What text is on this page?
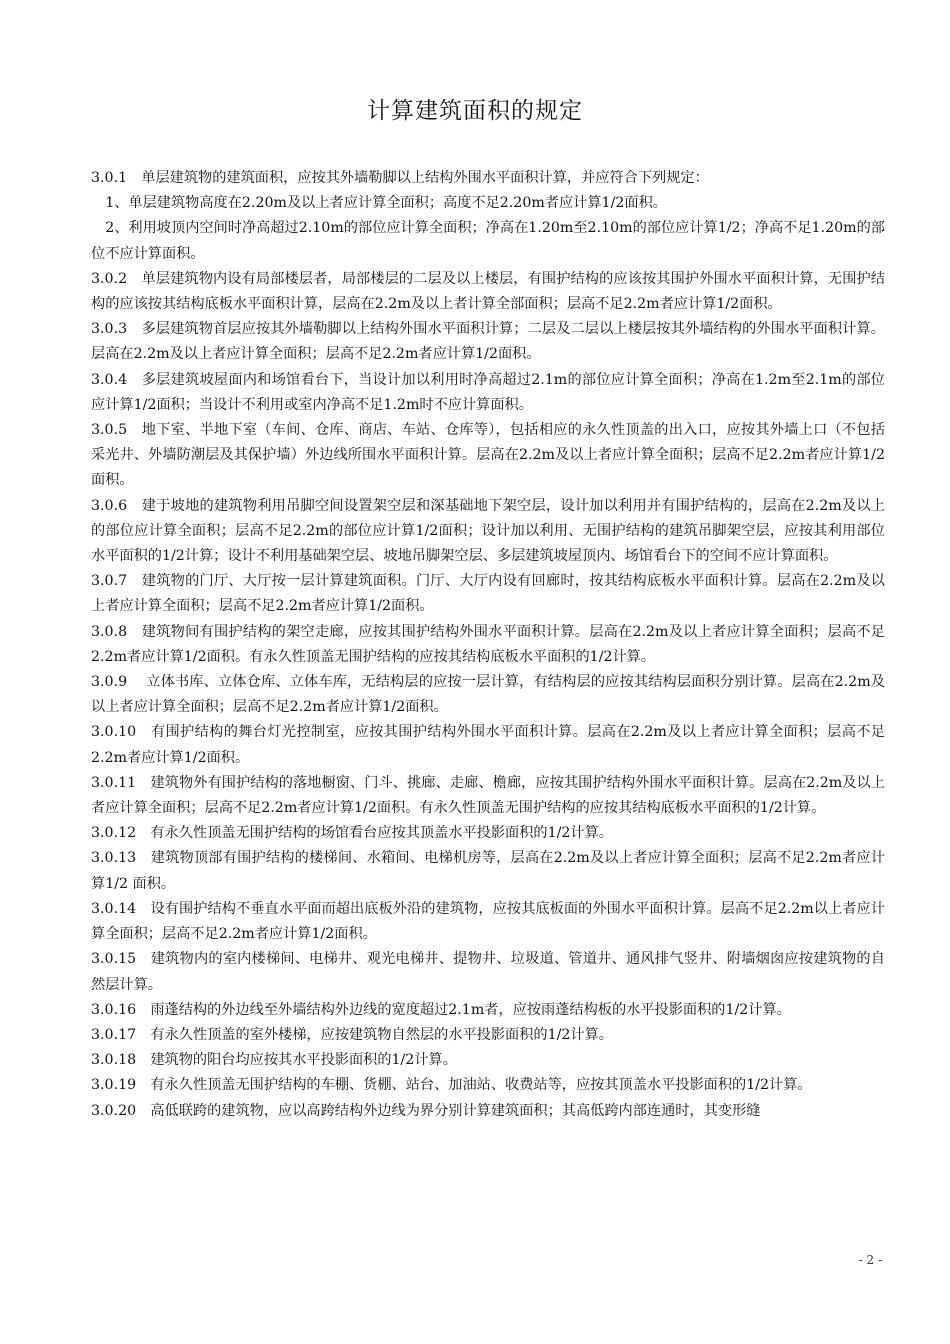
计算建筑面积的规定

3.0.1　单层建筑物的建筑面积，应按其外墙勒脚以上结构外围水平面积计算，并应符合下列规定：

1、单层建筑物高度在2.20m及以上者应计算全面积；高度不足2.20m者应计算1/2面积。

2、利用坡顶内空间时净高超过2.10m的部位应计算全面积；净高在1.20m至2.10m的部位应计算1/2；净高不足1.20m的部位不应计算面积。

3.0.2　单层建筑物内设有局部楼层者，局部楼层的二层及以上楼层，有围护结构的应该按其围护外围水平面积计算，无围护结构的应该按其结构底板水平面积计算，层高在2.2m及以上者计算全部面积；层高不足2.2m者应计算1/2面积。

3.0.3　多层建筑物首层应按其外墙勒脚以上结构外围水平面积计算；二层及二层以上楼层按其外墙结构的外围水平面积计算。层高在2.2m及以上者应计算全面积；层高不足2.2m者应计算1/2面积。

3.0.4　多层建筑坡屋面内和场馆看台下，当设计加以利用时净高超过2.1m的部位应计算全面积；净高在1.2m至2.1m的部位应计算1/2面积；当设计不利用或室内净高不足1.2m时不应计算面积。

3.0.5　地下室、半地下室（车间、仓库、商店、车站、仓库等），包括相应的永久性顶盖的出入口，应按其外墙上口（不包括采光井、外墙防潮层及其保护墙）外边线所围水平面积计算。层高在2.2m及以上者应计算全面积；层高不足2.2m者应计算1/2面积。

3.0.6　建于坡地的建筑物利用吊脚空间设置架空层和深基础地下架空层，设计加以利用并有围护结构的，层高在2.2m及以上的部位应计算全面积；层高不足2.2m的部位应计算1/2面积；设计加以利用、无围护结构的建筑吊脚架空层，应按其利用部位水平面积的1/2计算；设计不利用基础架空层、坡地吊脚架空层、多层建筑坡屋顶内、场馆看台下的空间不应计算面积。

3.0.7　建筑物的门厅、大厅按一层计算建筑面积。门厅、大厅内设有回廊时，按其结构底板水平面积计算。层高在2.2m及以上者应计算全面积；层高不足2.2m者应计算1/2面积。

3.0.8　建筑物间有围护结构的架空走廊，应按其围护结构外围水平面积计算。层高在2.2m及以上者应计算全面积；层高不足2.2m者应计算1/2面积。有永久性顶盖无围护结构的应按其结构底板水平面积的1/2计算。

3.0.9　 立体书库、立体仓库、立体车库，无结构层的应按一层计算，有结构层的应按其结构层面积分别计算。层高在2.2m及以上者应计算全面积；层高不足2.2m者应计算1/2面积。

3.0.10　有围护结构的舞台灯光控制室，应按其围护结构外围水平面积计算。层高在2.2m及以上者应计算全面积；层高不足2.2m者应计算1/2面积。

3.0.11　建筑物外有围护结构的落地橱窗、门斗、挑廊、走廊、檐廊，应按其围护结构外围水平面积计算。层高在2.2m及以上者应计算全面积；层高不足2.2m者应计算1/2面积。有永久性顶盖无围护结构的应按其结构底板水平面积的1/2计算。

3.0.12　有永久性顶盖无围护结构的场馆看台应按其顶盖水平投影面积的1/2计算。

3.0.13　建筑物顶部有围护结构的楼梯间、水箱间、电梯机房等，层高在2.2m及以上者应计算全面积；层高不足2.2m者应计算1/2 面积。

3.0.14　设有围护结构不垂直水平面而超出底板外沿的建筑物，应按其底板面的外围水平面积计算。层高不足2.2m以上者应计算全面积；层高不足2.2m者应计算1/2面积。

3.0.15　建筑物内的室内楼梯间、电梯井、观光电梯井、提物井、垃圾道、管道井、通风排气竖井、附墙烟囱应按建筑物的自然层计算。

3.0.16　雨蓬结构的外边线至外墙结构外边线的宽度超过2.1m者，应按雨蓬结构板的水平投影面积的1/2计算。

3.0.17　有永久性顶盖的室外楼梯，应按建筑物自然层的水平投影面积的1/2计算。

3.0.18　建筑物的阳台均应按其水平投影面积的1/2计算。

3.0.19　有永久性顶盖无围护结构的车棚、货棚、站台、加油站、收费站等，应按其顶盖水平投影面积的1/2计算。

3.0.20　高低联跨的建筑物，应以高跨结构外边线为界分别计算建筑面积；其高低跨内部连通时，其变形缝

- 2 -
